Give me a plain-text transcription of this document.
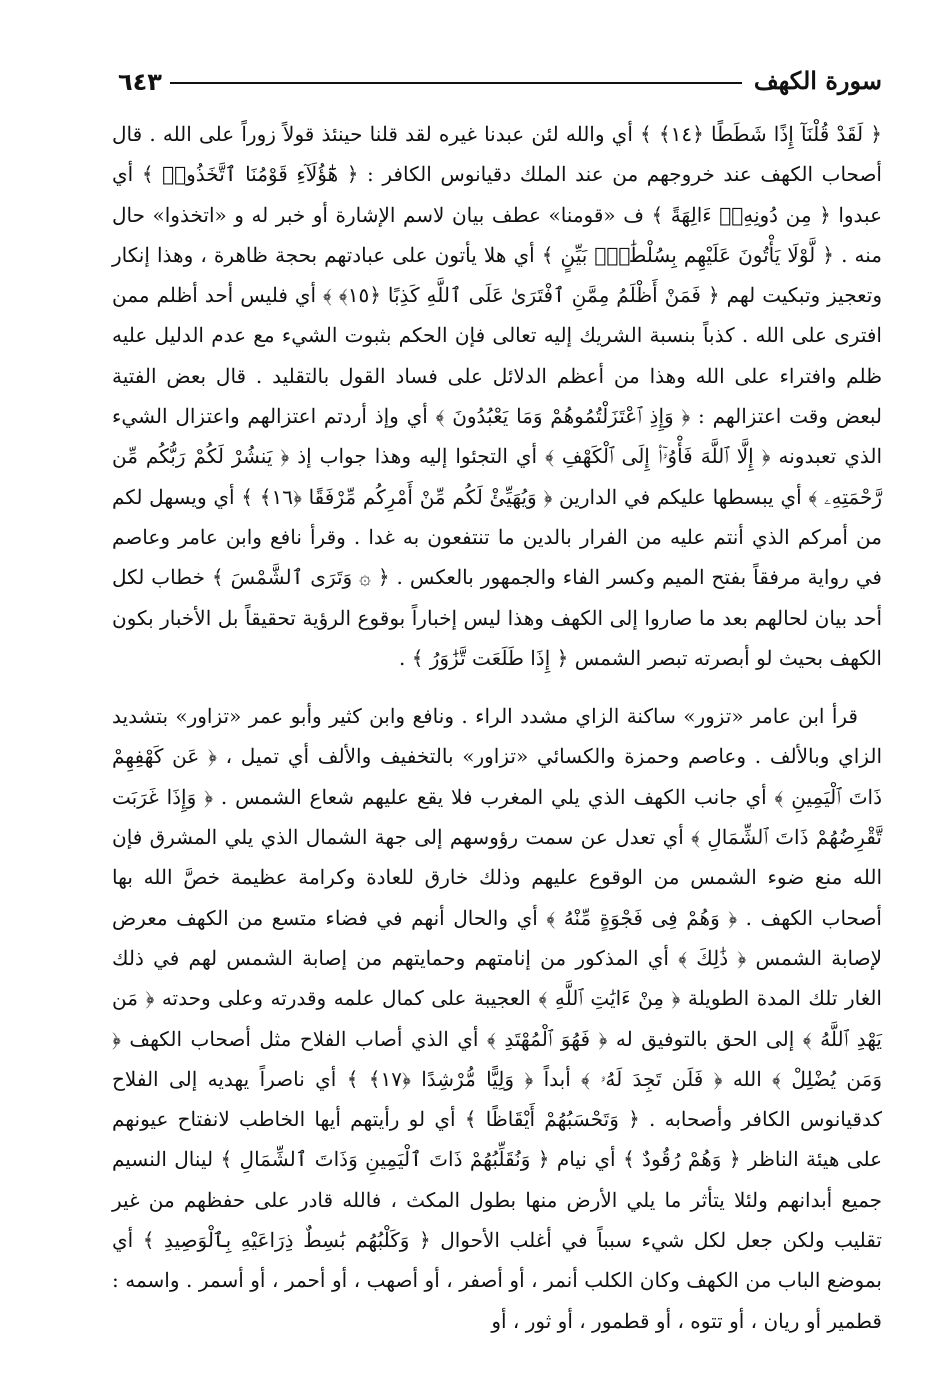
٦٤٣	سورة الكهف

﴿ لَقَدْ قُلْنَآ إِذًا شَطَطًا ﴿١٤﴾ ﴾ أي والله لئن عبدنا غيره لقد قلنا حينئذ قولاً زوراً على الله . قال أصحاب الكهف عند خروجهم من عند الملك دقيانوس الكافر : ﴿ هَٰٓؤُلَآءِ قَوْمُنَا ٱتَّخَذُوا۟ ﴾ أي عبدوا ﴿ مِن دُونِهِۦٓ ءَالِهَةً ﴾ ف «قومنا» عطف بيان لاسم الإشارة أو خبر له و «اتخذوا» حال منه . ﴿ لَّوْلَا يَأْتُونَ عَلَيْهِم بِسُلْطَٰنٍۭ بَيِّنٍ ﴾ أي هلا يأتون على عبادتهم بحجة ظاهرة ، وهذا إنكار وتعجيز وتبكيت لهم ﴿ فَمَنْ أَظْلَمُ مِمَّنِ ٱفْتَرَىٰ عَلَى ٱللَّهِ كَذِبًا ﴿١٥﴾ ﴾ أي فليس أحد أظلم ممن افترى على الله . كذباً بنسبة الشريك إليه تعالى فإن الحكم بثبوت الشيء مع عدم الدليل عليه ظلم وافتراء على الله وهذا من أعظم الدلائل على فساد القول بالتقليد . قال بعض الفتية لبعض وقت اعتزالهم : ﴿ وَإِذِ ٱعْتَزَلْتُمُوهُمْ وَمَا يَعْبُدُونَ ﴾ أي وإذ أردتم اعتزالهم واعتزال الشيء الذي تعبدونه ﴿ إِلَّا ٱللَّهَ فَأْوُۥٓا۟ إِلَى ٱلْكَهْفِ ﴾ أي التجئوا إليه وهذا جواب إذ ﴿ يَنشُرْ لَكُمْ رَبُّكُم مِّن رَّحْمَتِهِۦ ﴾ أي يبسطها عليكم في الدارين ﴿ وَيُهَيِّئْ لَكُم مِّنْ أَمْرِكُم مِّرْفَقًا ﴿١٦﴾ ﴾ أي ويسهل لكم من أمركم الذي أنتم عليه من الفرار بالدين ما تنتفعون به غدا . وقرأ نافع وابن عامر وعاصم في رواية مرفقاً بفتح الميم وكسر الفاء والجمهور بالعكس . ﴿ ۞ وَتَرَى ٱلشَّمْسَ ﴾ خطاب لكل أحد بيان لحالهم بعد ما صاروا إلى الكهف وهذا ليس إخباراً بوقوع الرؤية تحقيقاً بل الأخبار بكون الكهف بحيث لو أبصرته تبصر الشمس ﴿ إِذَا طَلَعَت تَّزَٰوَرُ ﴾ .

قرأ ابن عامر «تزور» ساكنة الزاي مشدد الراء . ونافع وابن كثير وأبو عمر «تزاور» بتشديد الزاي وبالألف . وعاصم وحمزة والكسائي «تزاور» بالتخفيف والألف أي تميل ، ﴿ عَن كَهْفِهِمْ ذَاتَ ٱلْيَمِينِ ﴾ أي جانب الكهف الذي يلي المغرب فلا يقع عليهم شعاع الشمس . ﴿ وَإِذَا غَرَبَت تَّقْرِضُهُمْ ذَاتَ ٱلشِّمَالِ ﴾ أي تعدل عن سمت رؤوسهم إلى جهة الشمال الذي يلي المشرق فإن الله منع ضوء الشمس من الوقوع عليهم وذلك خارق للعادة وكرامة عظيمة خصَّ الله بها أصحاب الكهف . ﴿ وَهُمْ فِى فَجْوَةٍ مِّنْهُ ﴾ أي والحال أنهم في فضاء متسع من الكهف معرض لإصابة الشمس ﴿ ذَٰلِكَ ﴾ أي المذكور من إنامتهم وحمايتهم من إصابة الشمس لهم في ذلك الغار تلك المدة الطويلة ﴿ مِنْ ءَايَٰتِ ٱللَّهِ ﴾ العجيبة على كمال علمه وقدرته وعلى وحدته ﴿ مَن يَهْدِ ٱللَّهُ ﴾ إلى الحق بالتوفيق له ﴿ فَهُوَ ٱلْمُهْتَدِ ﴾ أي الذي أصاب الفلاح مثل أصحاب الكهف ﴿ وَمَن يُضْلِلْ ﴾ الله ﴿ فَلَن تَجِدَ لَهُۥ ﴾ أبداً ﴿ وَلِيًّا مُّرْشِدًا ﴿١٧﴾ ﴾ أي ناصراً يهديه إلى الفلاح كدقيانوس الكافر وأصحابه . ﴿ وَتَحْسَبُهُمْ أَيْقَاظًا ﴾ أي لو رأيتهم أيها الخاطب لانفتاح عيونهم على هيئة الناظر ﴿ وَهُمْ رُقُودٌ ﴾ أي نيام ﴿ وَنُقَلِّبُهُمْ ذَاتَ ٱلْيَمِينِ وَذَاتَ ٱلشِّمَالِ ﴾ لينال النسيم جميع أبدانهم ولئلا يتأثر ما يلي الأرض منها بطول المكث ، فالله قادر على حفظهم من غير تقليب ولكن جعل لكل شيء سبباً في أغلب الأحوال ﴿ وَكَلْبُهُم بَٰسِطٌ ذِرَاعَيْهِ بِٱلْوَصِيدِ ﴾ أي بموضع الباب من الكهف وكان الكلب أنمر ، أو أصفر ، أو أصهب ، أو أحمر ، أو أسمر . واسمه : قطمير أو ريان ، أو تتوه ، أو قطمور ، أو ثور ، أو
